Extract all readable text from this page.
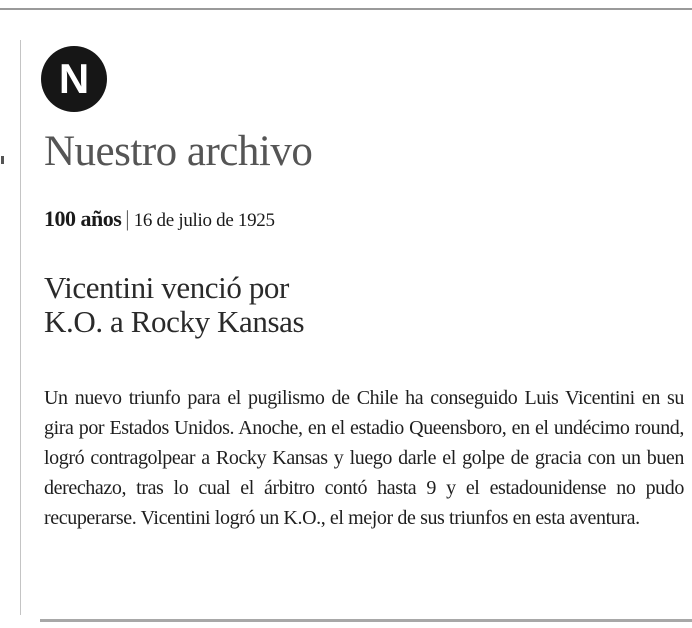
N
Nuestro archivo
100 años | 16 de julio de 1925
Vicentini venció por
K.O. a Rocky Kansas

Un nuevo triunfo para el pugilismo de Chile ha conseguido Luis Vicentini en su gira por Estados Unidos. Anoche, en el estadio Queensboro, en el undécimo round, logró contragolpear a Rocky Kansas y luego darle el golpe de gracia con un buen derechazo, tras lo cual el árbitro contó hasta 9 y el estadounidense no pudo recuperarse. Vicentini logró un K.O., el mejor de sus triunfos en esta aventura.
